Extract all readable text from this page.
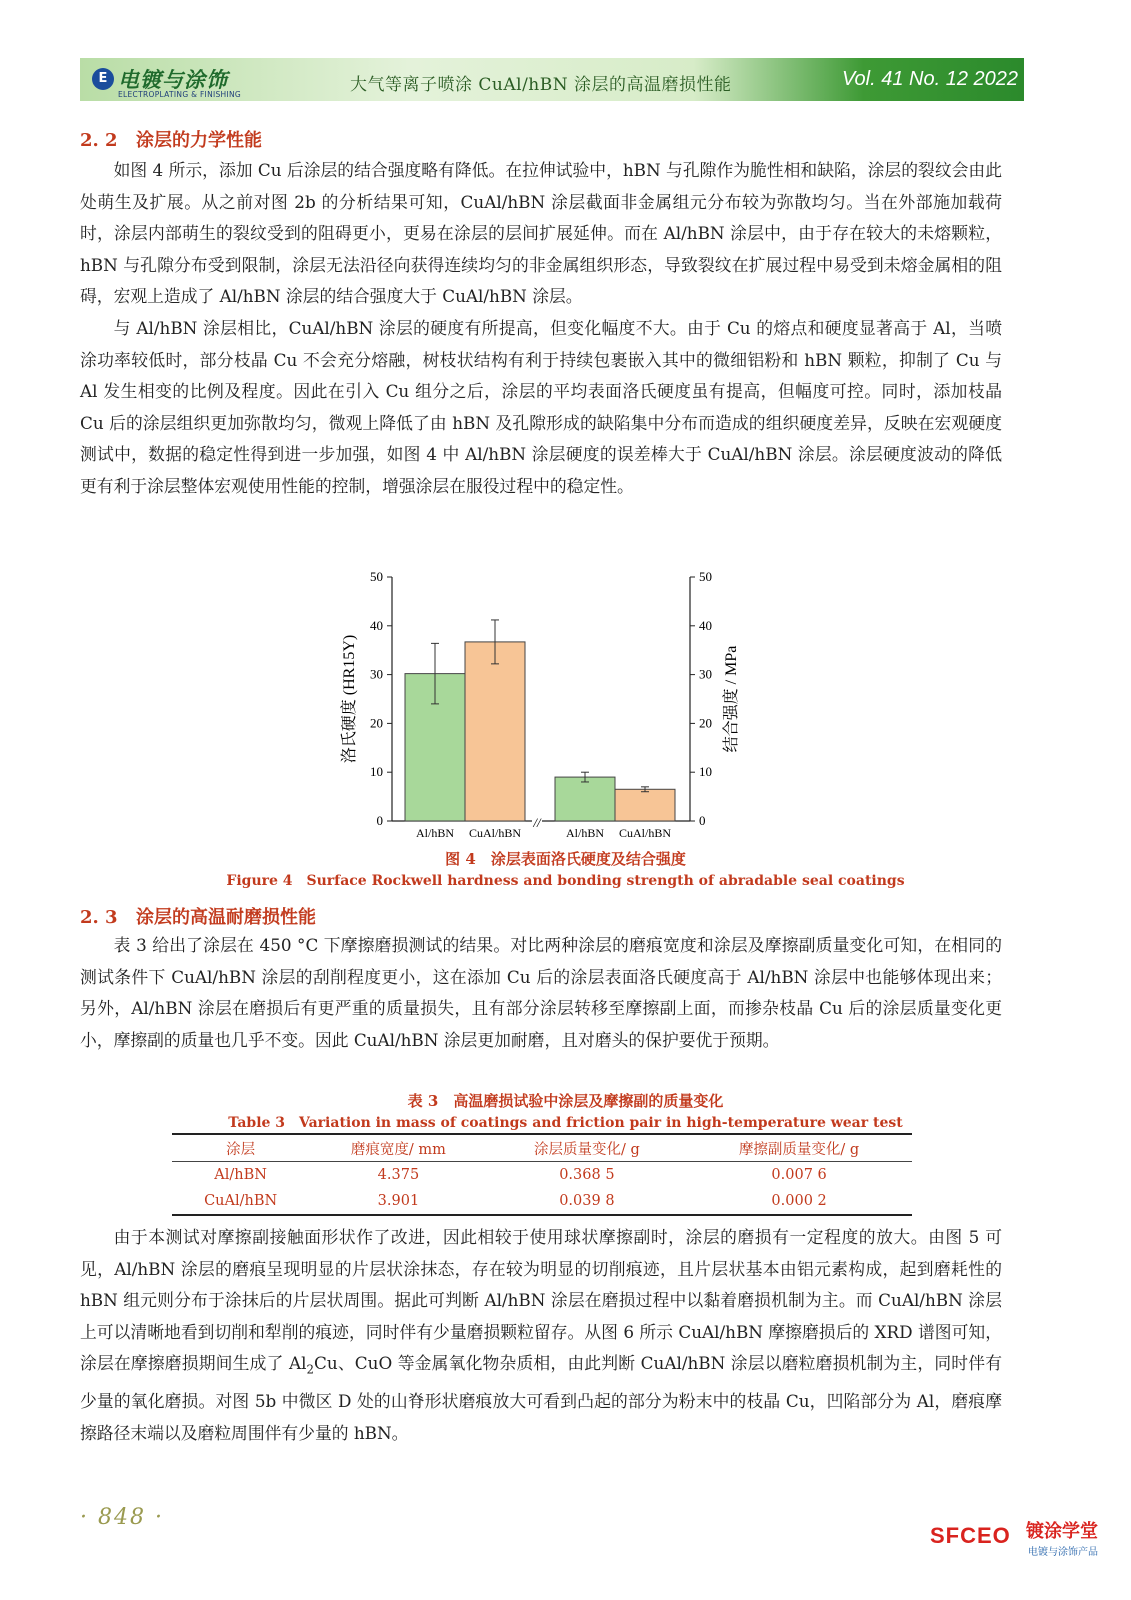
E 电镀与涂饰
ELECTROPLATING & FINISHING	大气等离子喷涂 CuAl/hBN 涂层的高温磨损性能	Vol. 41 No. 12 2022
2. 2 涂层的力学性能

如图 4 所示，添加 Cu 后涂层的结合强度略有降低。在拉伸试验中，hBN 与孔隙作为脆性相和缺陷，涂层的裂纹会由此处萌生及扩展。从之前对图 2b 的分析结果可知，CuAl/hBN 涂层截面非金属组元分布较为弥散均匀。当在外部施加载荷时，涂层内部萌生的裂纹受到的阻碍更小，更易在涂层的层间扩展延伸。而在 Al/hBN 涂层中，由于存在较大的未熔颗粒，hBN 与孔隙分布受到限制，涂层无法沿径向获得连续均匀的非金属组织形态，导致裂纹在扩展过程中易受到未熔金属相的阻碍，宏观上造成了 Al/hBN 涂层的结合强度大于 CuAl/hBN 涂层。

与 Al/hBN 涂层相比，CuAl/hBN 涂层的硬度有所提高，但变化幅度不大。由于 Cu 的熔点和硬度显著高于 Al，当喷涂功率较低时，部分枝晶 Cu 不会充分熔融，树枝状结构有利于持续包裹嵌入其中的微细铝粉和 hBN 颗粒，抑制了 Cu 与 Al 发生相变的比例及程度。因此在引入 Cu 组分之后，涂层的平均表面洛氏硬度虽有提高，但幅度可控。同时，添加枝晶 Cu 后的涂层组织更加弥散均匀，微观上降低了由 hBN 及孔隙形成的缺陷集中分布而造成的组织硬度差异，反映在宏观硬度测试中，数据的稳定性得到进一步加强，如图 4 中 Al/hBN 涂层硬度的误差棒大于 CuAl/hBN 涂层。涂层硬度波动的降低更有利于涂层整体宏观使用性能的控制，增强涂层在服役过程中的稳定性。

//
0	0
10	10
20	20
30	30
40	40
50	50
洛氏硬度 (HR15Y)	结合强度 / MPa
Al/hBN CuAl/hBN	Al/hBN CuAl/hBN
图 4　涂层表面洛氏硬度及结合强度
Figure 4　Surface Rockwell hardness and bonding strength of abradable seal coatings
2. 3 涂层的高温耐磨损性能

表 3 给出了涂层在 450 °C 下摩擦磨损测试的结果。对比两种涂层的磨痕宽度和涂层及摩擦副质量变化可知，在相同的测试条件下 CuAl/hBN 涂层的刮削程度更小，这在添加 Cu 后的涂层表面洛氏硬度高于 Al/hBN 涂层中也能够体现出来；另外，Al/hBN 涂层在磨损后有更严重的质量损失，且有部分涂层转移至摩擦副上面，而掺杂枝晶 Cu 后的涂层质量变化更小，摩擦副的质量也几乎不变。因此 CuAl/hBN 涂层更加耐磨，且对磨头的保护要优于预期。

表 3　高温磨损试验中涂层及摩擦副的质量变化
Table 3　Variation in mass of coatings and friction pair in high-temperature wear test
涂层	磨痕宽度/ mm	涂层质量变化/ g	摩擦副质量变化/ g
Al/hBN	4.375	0.368 5	0.007 6
CuAl/hBN	3.901	0.039 8	0.000 2

由于本测试对摩擦副接触面形状作了改进，因此相较于使用球状摩擦副时，涂层的磨损有一定程度的放大。由图 5 可见，Al/hBN 涂层的磨痕呈现明显的片层状涂抹态，存在较为明显的切削痕迹，且片层状基本由铝元素构成，起到磨耗性的 hBN 组元则分布于涂抹后的片层状周围。据此可判断 Al/hBN 涂层在磨损过程中以黏着磨损机制为主。而 CuAl/hBN 涂层上可以清晰地看到切削和犁削的痕迹，同时伴有少量磨损颗粒留存。从图 6 所示 CuAl/hBN 摩擦磨损后的 XRD 谱图可知，涂层在摩擦磨损期间生成了 $Al_2Cu$、CuO 等金属氧化物杂质相，由此判断 CuAl/hBN 涂层以磨粒磨损机制为主，同时伴有少量的氧化磨损。对图 5b 中微区 D 处的山脊形状磨痕放大可看到凸起的部分为粉末中的枝晶 Cu，凹陷部分为 Al，磨痕摩擦路径末端以及磨粒周围伴有少量的 hBN。

· 848 ·
SFCEO 镀涂学堂
电镀与涂饰产品
